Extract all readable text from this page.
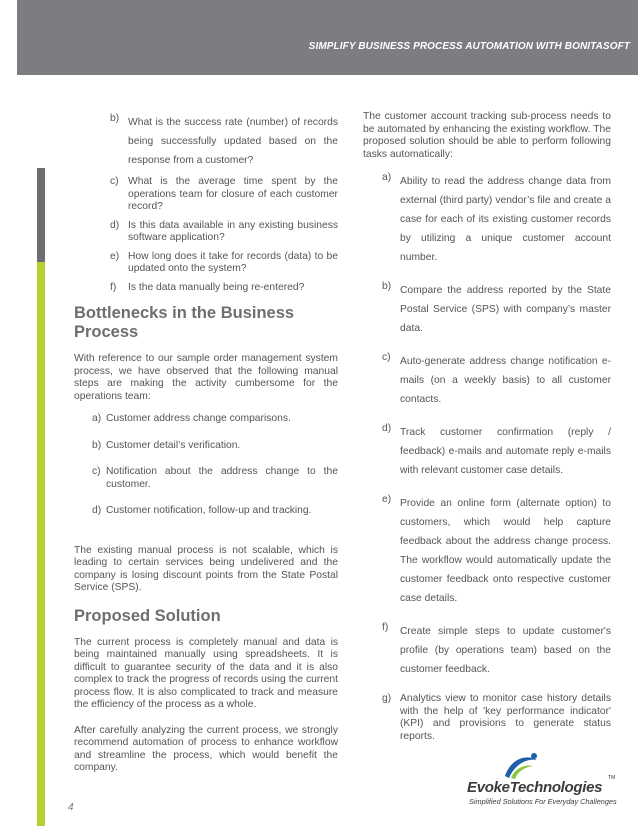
SIMPLIFY BUSINESS PROCESS AUTOMATION WITH BONITASOFT
b) What is the success rate (number) of records being successfully updated based on the response from a customer?
c) What is the average time spent by the operations team for closure of each customer record?
d) Is this data available in any existing business software application?
e) How long does it take for records (data) to be updated onto the system?
f)	Is the data manually being re-entered?
Bottlenecks in the Business Process

With reference to our sample order management system process, we have observed that the following manual steps are making the activity cumbersome for the operations team:

a) Customer address change comparisons.
b) Customer detail’s verification.
c) Notification about the address change to the customer.
d) Customer notification, follow-up and tracking.

The existing manual process is not scalable, which is leading to certain services being undelivered and the company is losing discount points from the State Postal Service (SPS).

Proposed Solution

The current process is completely manual and data is being maintained manually using spreadsheets. It is difficult to guarantee security of the data and it is also complex to track the progress of records using the current process flow. It is also complicated to track and measure the efficiency of the process as a whole.

After carefully analyzing the current process, we strongly recommend automation of process to enhance workflow and streamline the process, which would benefit the company.

The customer account tracking sub-process needs to be automated by enhancing the existing workflow. The proposed solution should be able to perform following tasks automatically:

a) Ability to read the address change data from external (third party) vendor’s file and create a case for each of its existing customer records by utilizing a unique customer account number.
b) Compare the address reported by the State Postal Service (SPS) with company’s master data.
c) Auto-generate address change notification e-mails (on a weekly basis) to all customer contacts.
d) Track customer confirmation (reply / feedback) e-mails and automate reply e-mails with relevant customer case details.
e) Provide an online form (alternate option) to customers, which would help capture feedback about the address change process. The workflow would automatically update the customer feedback onto respective customer case details.
f)	Create simple steps to update customer's profile (by operations team) based on the customer feedback.
g) Analytics view to monitor case history details with the help of 'key performance indicator' (KPI) and provisions to generate status reports.
EvokeTechnologies
TM
Simplified Solutions For Everyday Challenges
4
